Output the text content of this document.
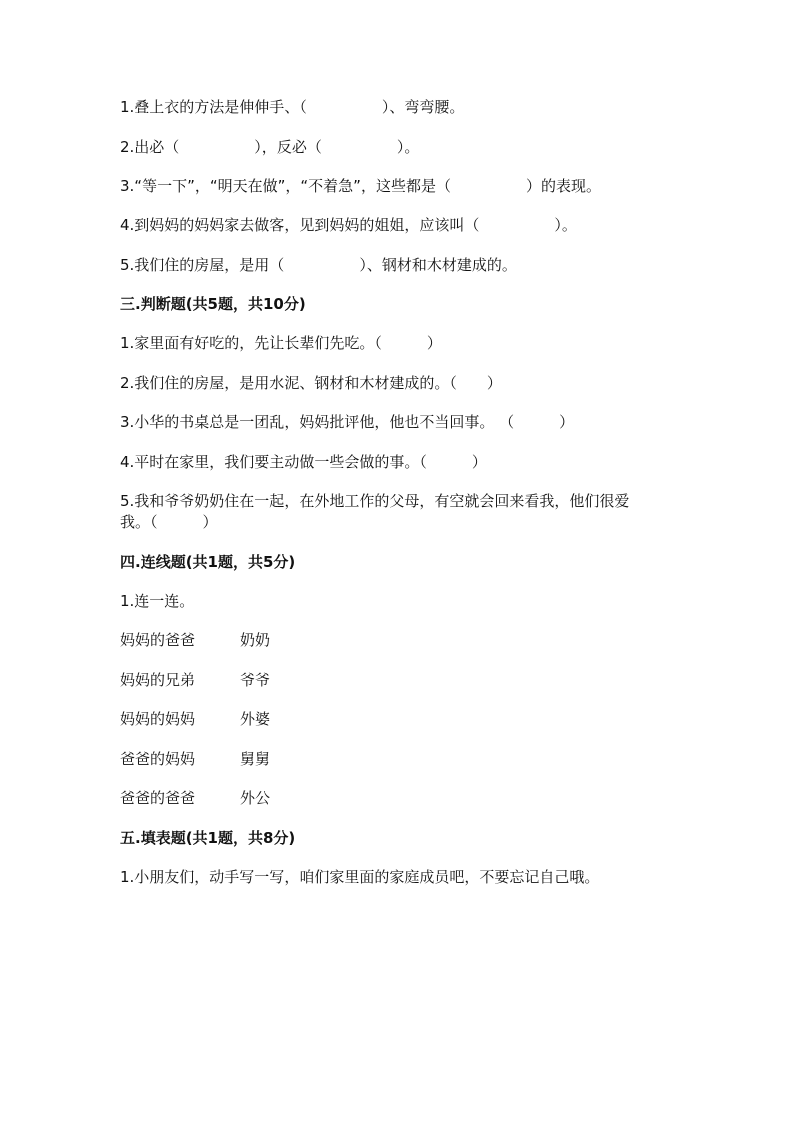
1.叠上衣的方法是伸伸手、（　　　　　）、弯弯腰。
2.出必（　　　　　），反必（　　　　　）。
3.“等一下”，“明天在做”，“不着急”，这些都是（　　　　　）的表现。
4.到妈妈的妈妈家去做客，见到妈妈的姐姐，应该叫（　　　　　）。
5.我们住的房屋，是用（　　　　　）、钢材和木材建成的。
三.判断题(共5题，共10分)
1.家里面有好吃的，先让长辈们先吃。（　　　）
2.我们住的房屋，是用水泥、钢材和木材建成的。（　　）
3.小华的书桌总是一团乱，妈妈批评他，他也不当回事。 （　　　）
4.平时在家里，我们要主动做一些会做的事。（　　　）
5.我和爷爷奶奶住在一起，在外地工作的父母，有空就会回来看我，他们很爱
我。（　　　）
四.连线题(共1题，共5分)
1.连一连。
妈妈的爸爸	奶奶
妈妈的兄弟	爷爷
妈妈的妈妈	外婆
爸爸的妈妈	舅舅
爸爸的爸爸	外公
五.填表题(共1题，共8分)
1.小朋友们，动手写一写，咱们家里面的家庭成员吧，不要忘记自己哦。
